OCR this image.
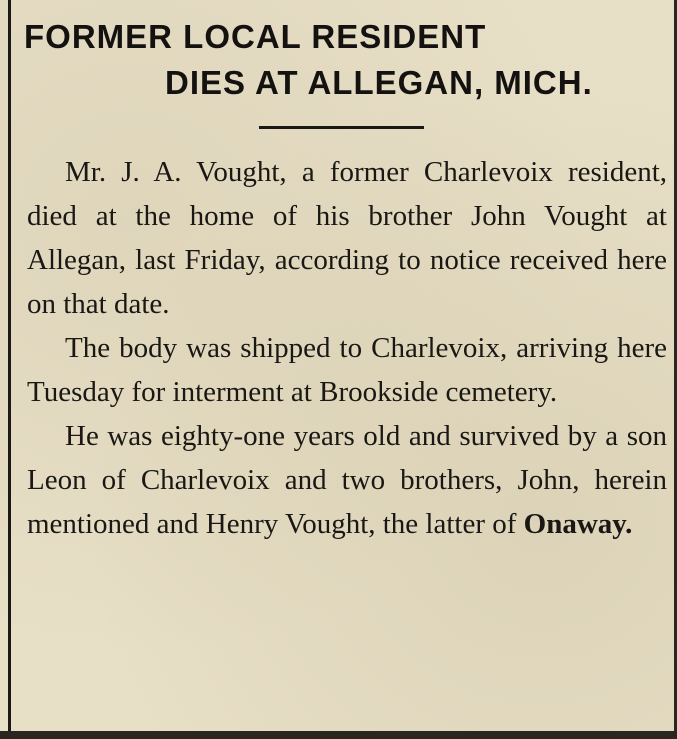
FORMER LOCAL RESIDENT
DIES AT ALLEGAN, MICH.

Mr. J. A. Vought, a former Charlevoix resident, died at the home of his brother John Vought at Allegan, last Friday, according to notice received here on that date.

The body was shipped to Charlevoix, arriving here Tuesday for interment at Brookside cemetery.

He was eighty-one years old and survived by a son Leon of Charlevoix and two brothers, John, herein mentioned and Henry Vought, the latter of Onaway.
